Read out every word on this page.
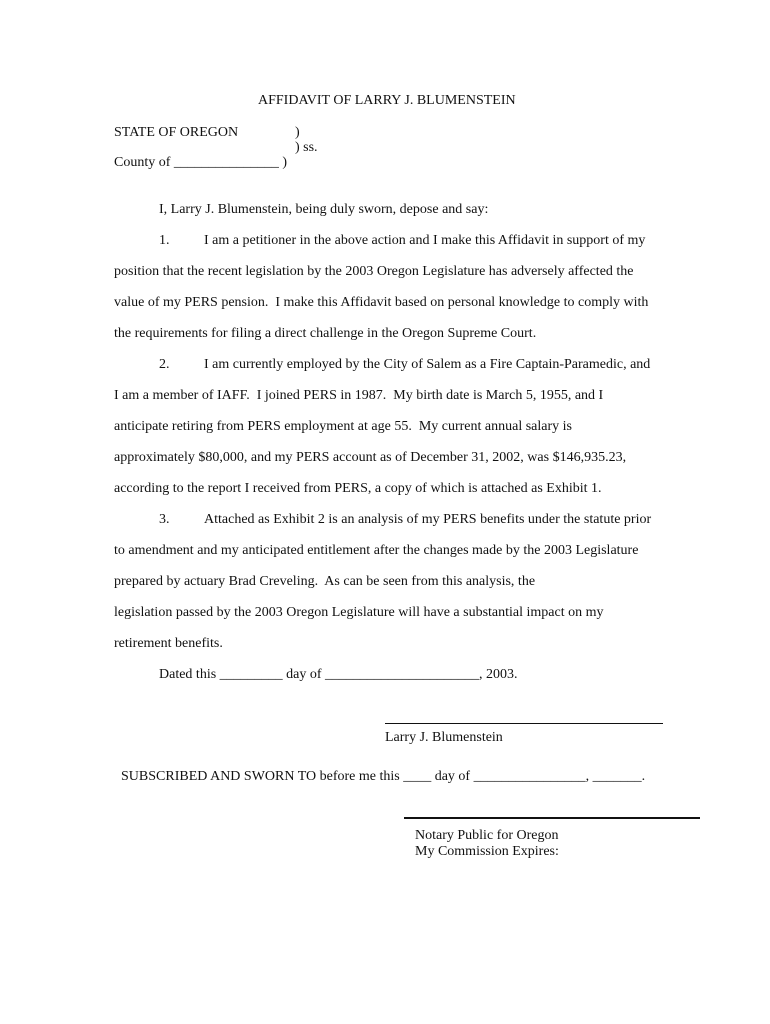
AFFIDAVIT OF LARRY J. BLUMENSTEIN
STATE OF OREGON	)
) ss.
County of _______________ )
I, Larry J. Blumenstein, being duly sworn, depose and say:
1. I am a petitioner in the above action and I make this Affidavit in support of my
position that the recent legislation by the 2003 Oregon Legislature has adversely affected the
value of my PERS pension.  I make this Affidavit based on personal knowledge to comply with
the requirements for filing a direct challenge in the Oregon Supreme Court.
2. I am currently employed by the City of Salem as a Fire Captain-Paramedic, and
I am a member of IAFF.  I joined PERS in 1987.  My birth date is March 5, 1955, and I
anticipate retiring from PERS employment at age 55.  My current annual salary is
approximately $80,000, and my PERS account as of December 31, 2002, was $146,935.23,
according to the report I received from PERS, a copy of which is attached as Exhibit 1.
3. Attached as Exhibit 2 is an analysis of my PERS benefits under the statute prior
to amendment and my anticipated entitlement after the changes made by the 2003 Legislature
prepared by actuary Brad Creveling.  As can be seen from this analysis, the
legislation passed by the 2003 Oregon Legislature will have a substantial impact on my
retirement benefits.
Dated this _________ day of ______________________, 2003.
Larry J. Blumenstein
SUBSCRIBED AND SWORN TO before me this ____ day of ________________, _______.
Notary Public for Oregon
My Commission Expires:
